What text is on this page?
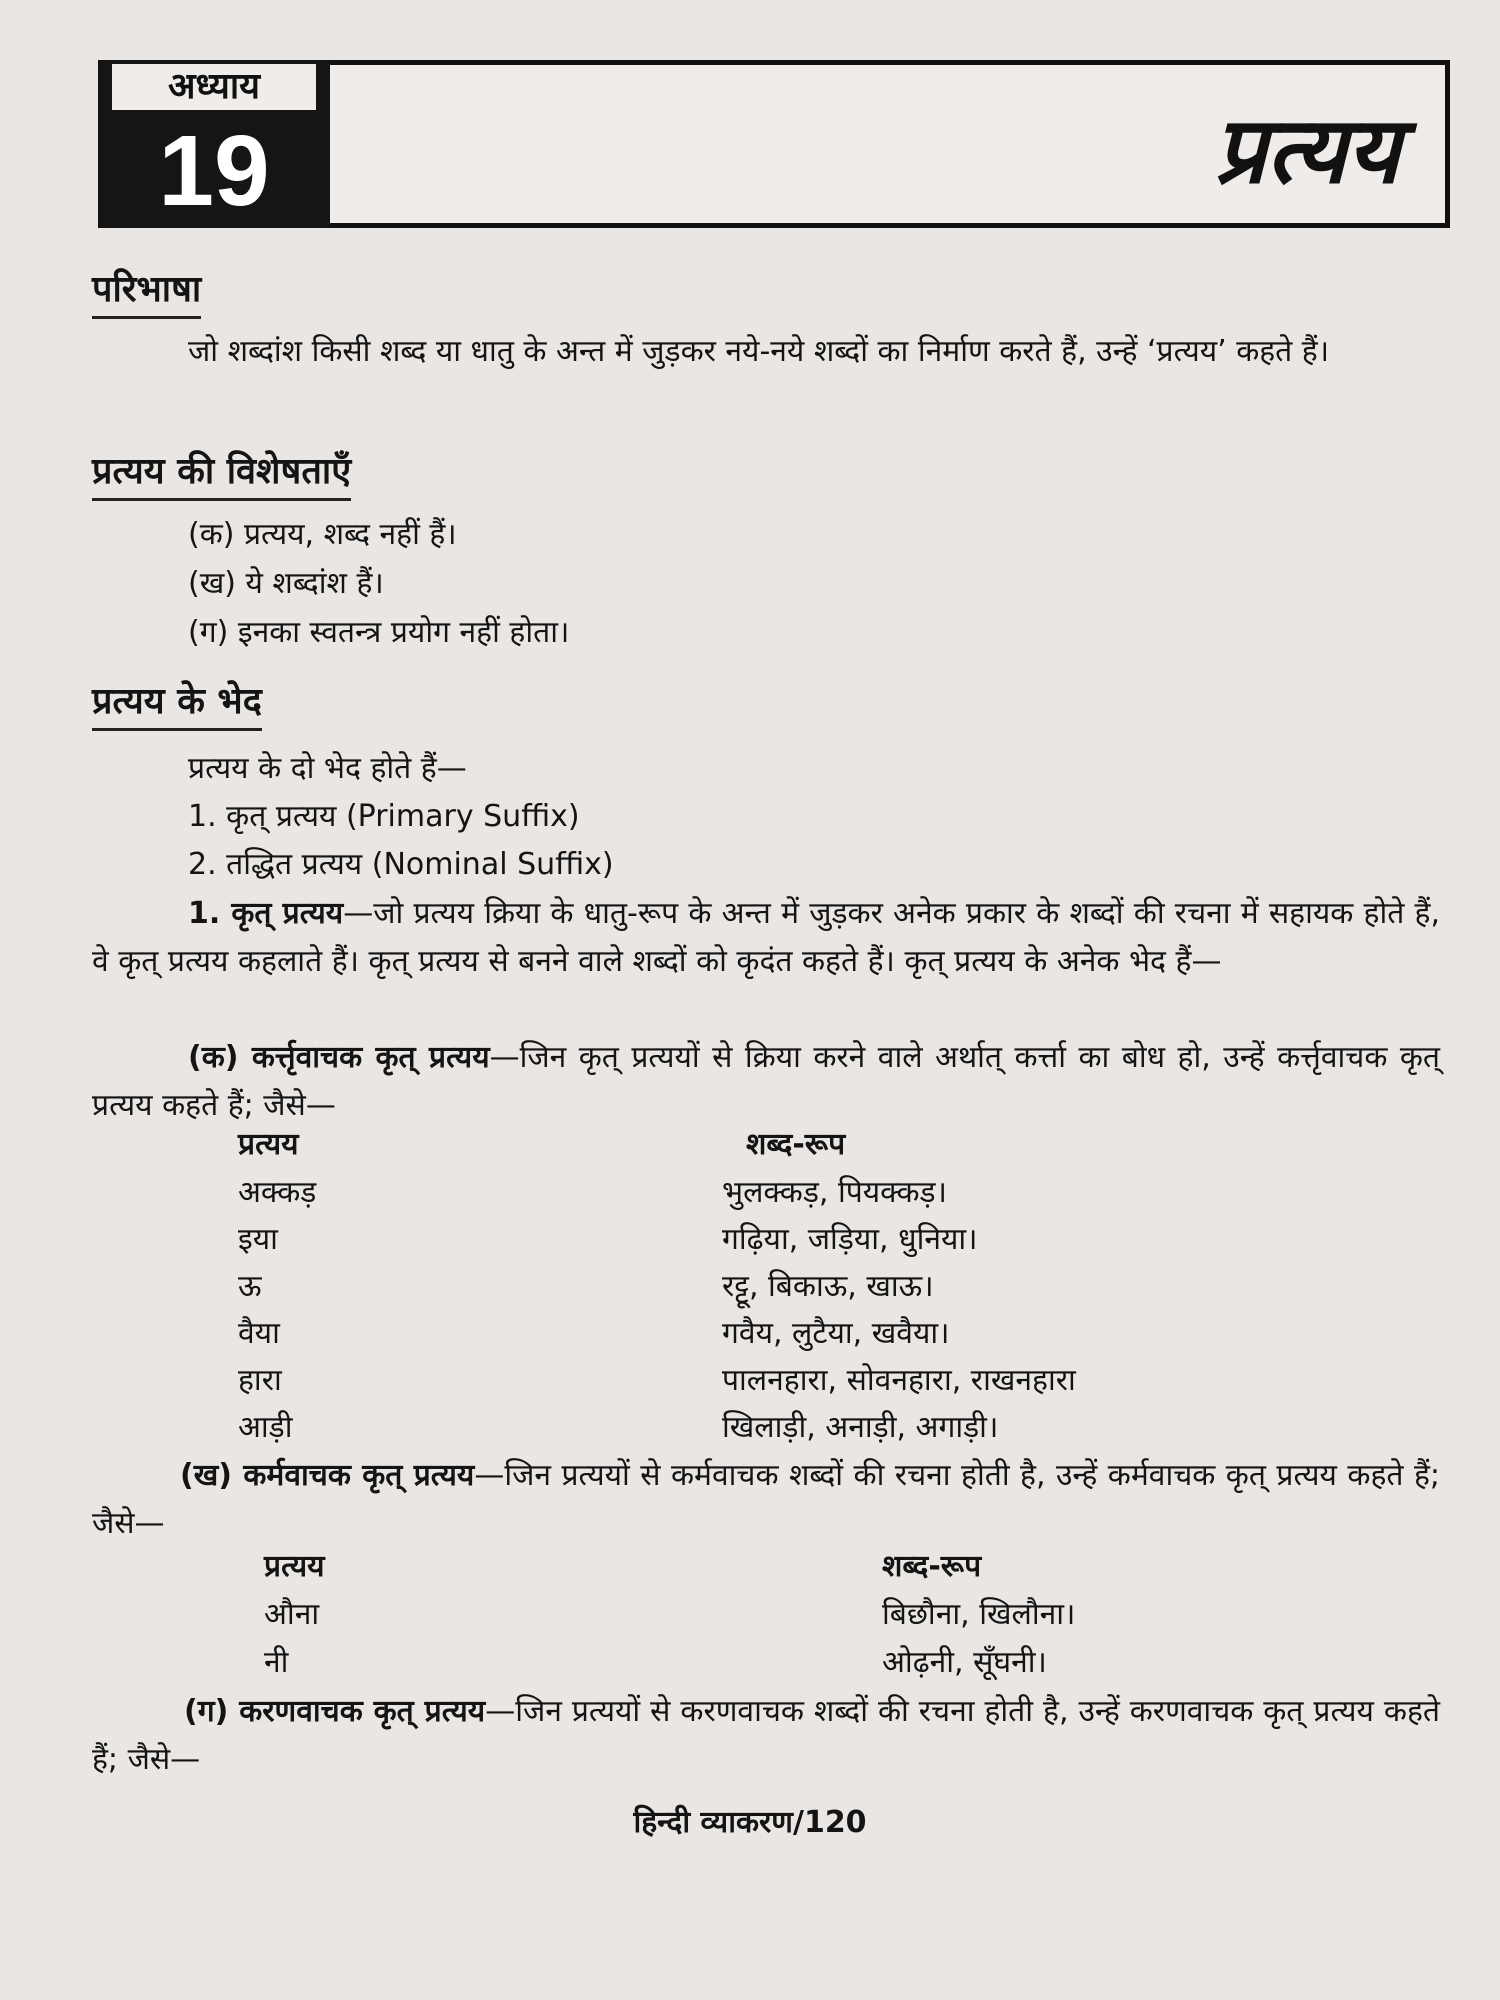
अध्याय
19	प्रत्यय
परिभाषा

जो शब्दांश किसी शब्द या धातु के अन्त में जुड़कर नये-नये शब्दों का निर्माण करते हैं, उन्हें ‘प्रत्यय’ कहते हैं।

प्रत्यय की विशेषताएँ
(क) प्रत्यय, शब्द नहीं हैं।
(ख) ये शब्दांश हैं।
(ग) इनका स्वतन्त्र प्रयोग नहीं होता।
प्रत्यय के भेद
प्रत्यय के दो भेद होते हैं—
1. कृत् प्रत्यय (Primary Suffix)
2. तद्धित प्रत्यय (Nominal Suffix)

1. कृत् प्रत्यय—जो प्रत्यय क्रिया के धातु-रूप के अन्त में जुड़कर अनेक प्रकार के शब्दों की रचना में सहायक होते हैं, वे कृत् प्रत्यय कहलाते हैं। कृत् प्रत्यय से बनने वाले शब्दों को कृदंत कहते हैं। कृत् प्रत्यय के अनेक भेद हैं—

(क) कर्त्तृवाचक कृत् प्रत्यय—जिन कृत् प्रत्ययों से क्रिया करने वाले अर्थात् कर्त्ता का बोध हो, उन्हें कर्त्तृवाचक कृत् प्रत्यय कहते हैं; जैसे—

प्रत्यय	शब्द-रूप
अक्कड़	भुलक्कड़, पियक्कड़।
इया	गढ़िया, जड़िया, धुनिया।
ऊ	रट्टू, बिकाऊ, खाऊ।
वैया	गवैय, लुटैया, खवैया।
हारा	पालनहारा, सोवनहारा, राखनहारा
आड़ी	खिलाड़ी, अनाड़ी, अगाड़ी।

(ख) कर्मवाचक कृत् प्रत्यय—जिन प्रत्ययों से कर्मवाचक शब्दों की रचना होती है, उन्हें कर्मवाचक कृत् प्रत्यय कहते हैं; जैसे—

प्रत्यय	शब्द-रूप
औना	बिछौना, खिलौना।
नी	ओढ़नी, सूँघनी।

(ग) करणवाचक कृत् प्रत्यय—जिन प्रत्ययों से करणवाचक शब्दों की रचना होती है, उन्हें करणवाचक कृत् प्रत्यय कहते हैं; जैसे—

हिन्दी व्याकरण/120
